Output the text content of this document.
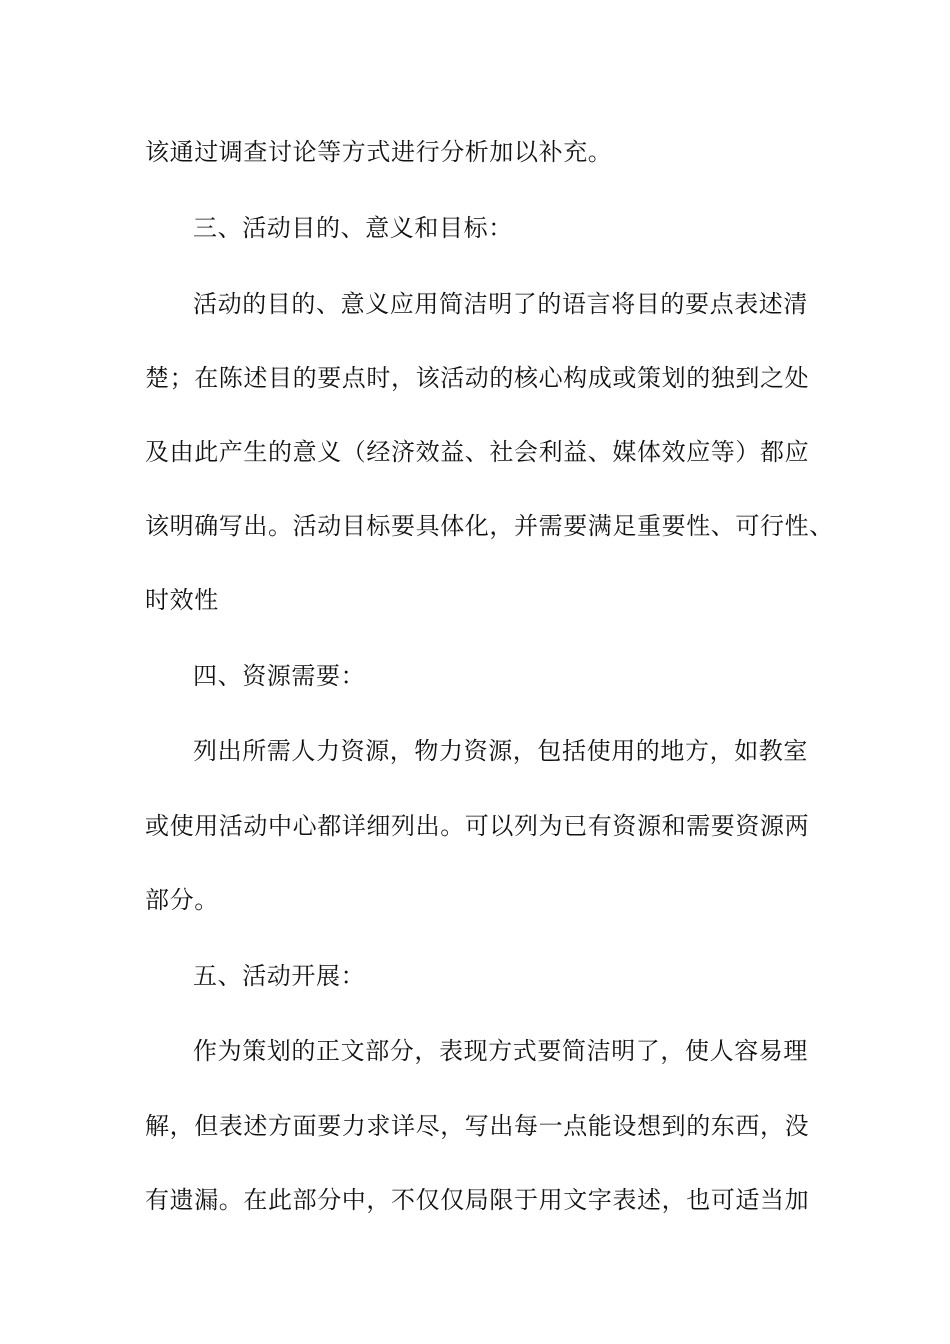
该通过调查讨论等方式进行分析加以补充。
三、活动目的、意义和目标：
活动的目的、意义应用简洁明了的语言将目的要点表述清
楚；在陈述目的要点时，该活动的核心构成或策划的独到之处
及由此产生的意义（经济效益、社会利益、媒体效应等）都应
该明确写出。活动目标要具体化，并需要满足重要性、可行性、
时效性
四、资源需要：
列出所需人力资源，物力资源，包括使用的地方，如教室
或使用活动中心都详细列出。可以列为已有资源和需要资源两
部分。
五、活动开展：
作为策划的正文部分，表现方式要简洁明了，使人容易理
解，但表述方面要力求详尽，写出每一点能设想到的东西，没
有遗漏。在此部分中，不仅仅局限于用文字表述，也可适当加
